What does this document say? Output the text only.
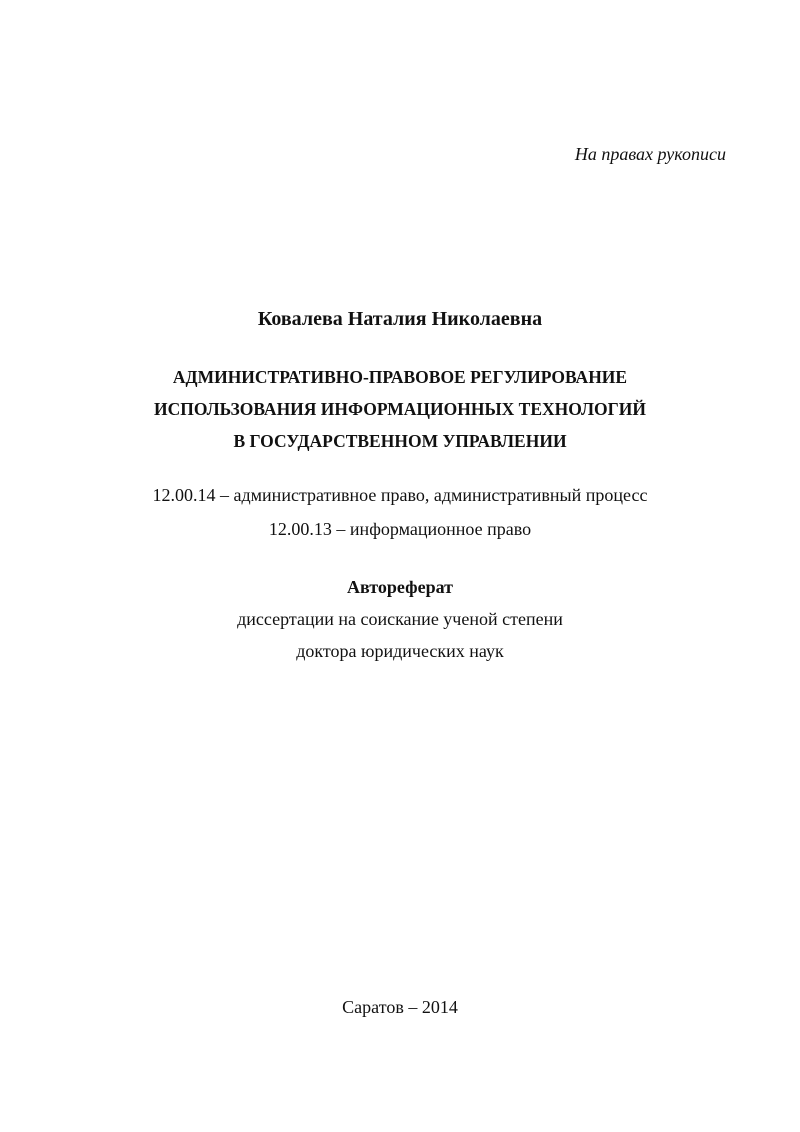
На правах рукописи
Ковалева Наталия Николаевна
АДМИНИСТРАТИВНО-ПРАВОВОЕ РЕГУЛИРОВАНИЕ
ИСПОЛЬЗОВАНИЯ ИНФОРМАЦИОННЫХ ТЕХНОЛОГИЙ
В ГОСУДАРСТВЕННОМ УПРАВЛЕНИИ
12.00.14 – административное право, административный процесс
12.00.13 – информационное право
Автореферат
диссертации на соискание ученой степени
доктора юридических наук
Саратов – 2014
